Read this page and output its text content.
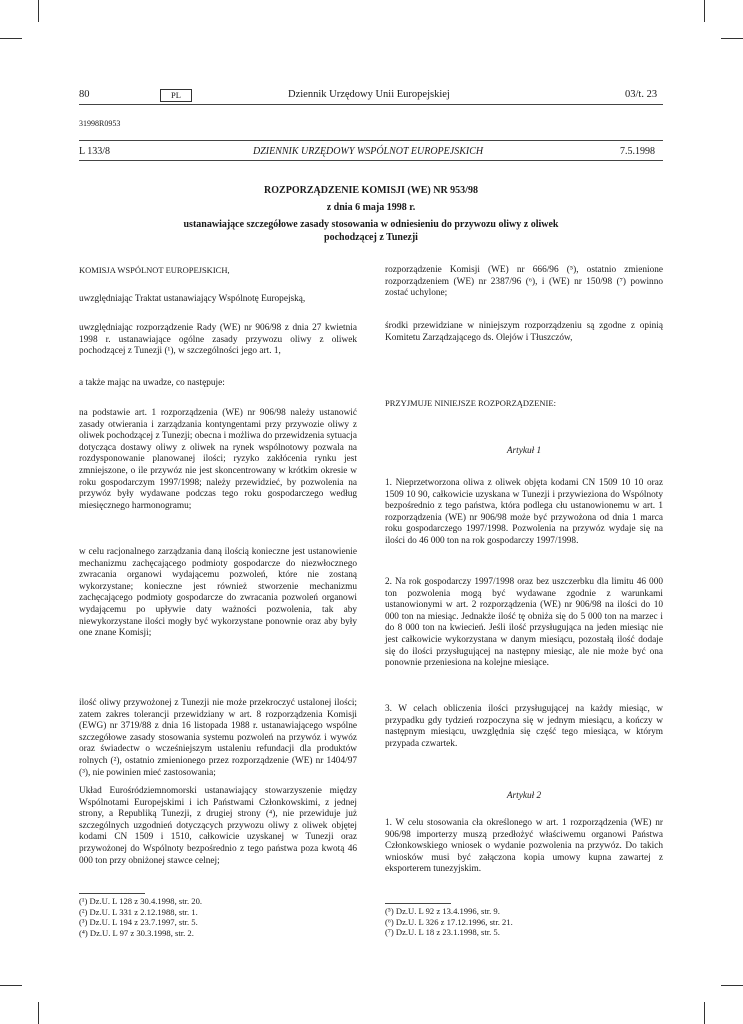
80	PL	Dziennik Urzędowy Unii Europejskiej	03/t. 23
31998R0953
L 133/8	DZIENNIK URZĘDOWY WSPÓLNOT EUROPEJSKICH	7.5.1998
ROZPORZĄDZENIE KOMISJI (WE) NR 953/98
z dnia 6 maja 1998 r.
ustanawiające szczegółowe zasady stosowania w odniesieniu do przywozu oliwy z oliwek
pochodzącej z Tunezji

KOMISJA WSPÓLNOT EUROPEJSKICH,

uwzględniając Traktat ustanawiający Wspólnotę Europejską,

uwzględniając rozporządzenie Rady (WE) nr 906/98 z dnia 27 kwietnia 1998 r. ustanawiające ogólne zasady przywozu oliwy z oliwek pochodzącej z Tunezji (¹), w szczególności jego art. 1,

a także mając na uwadze, co następuje:

na podstawie art. 1 rozporządzenia (WE) nr 906/98 należy ustanowić zasady otwierania i zarządzania kontyngentami przy przywozie oliwy z oliwek pochodzącej z Tunezji; obecna i możliwa do przewidzenia sytuacja dotycząca dostawy oliwy z oliwek na rynek wspólnotowy pozwala na rozdysponowanie planowanej ilości; ryzyko zakłócenia rynku jest zmniejszone, o ile przywóz nie jest skoncentrowany w krótkim okresie w roku gospodarczym 1997/1998; należy przewidzieć, by pozwolenia na przywóz były wydawane podczas tego roku gospodarczego według miesięcznego harmonogramu;

w celu racjonalnego zarządzania daną ilością konieczne jest ustanowienie mechanizmu zachęcającego podmioty gospodarcze do niezwłocznego zwracania organowi wydającemu pozwoleń, które nie zostaną wykorzystane; konieczne jest również stworzenie mechanizmu zachęcającego podmioty gospodarcze do zwracania pozwoleń organowi wydającemu po upływie daty ważności pozwolenia, tak aby niewykorzystane ilości mogły być wykorzystane ponownie oraz aby były one znane Komisji;

ilość oliwy przywożonej z Tunezji nie może przekroczyć ustalonej ilości; zatem zakres tolerancji przewidziany w art. 8 rozporządzenia Komisji (EWG) nr 3719/88 z dnia 16 listopada 1988 r. ustanawiającego wspólne szczegółowe zasady stosowania systemu pozwoleń na przywóz i wywóz oraz świadectw o wcześniejszym ustaleniu refundacji dla produktów rolnych (²), ostatnio zmienionego przez rozporządzenie (WE) nr 1404/97 (³), nie powinien mieć zastosowania;

Układ Eurośródziemnomorski ustanawiający stowarzyszenie między Wspólnotami Europejskimi i ich Państwami Członkowskimi, z jednej strony, a Republiką Tunezji, z drugiej strony (⁴), nie przewiduje już szczególnych uzgodnień dotyczących przywozu oliwy z oliwek objętej kodami CN 1509 i 1510, całkowicie uzyskanej w Tunezji oraz przywożonej do Wspólnoty bezpośrednio z tego państwa poza kwotą 46 000 ton przy obniżonej stawce celnej;

rozporządzenie Komisji (WE) nr 666/96 (⁵), ostatnio zmienione rozporządzeniem (WE) nr 2387/96 (⁶), i (WE) nr 150/98 (⁷) powinno zostać uchylone;

środki przewidziane w niniejszym rozporządzeniu są zgodne z opinią Komitetu Zarządzającego ds. Olejów i Tłuszczów,

PRZYJMUJE NINIEJSZE ROZPORZĄDZENIE:

Artykuł 1

1. Nieprzetworzona oliwa z oliwek objęta kodami CN 1509 10 10 oraz 1509 10 90, całkowicie uzyskana w Tunezji i przywieziona do Wspólnoty bezpośrednio z tego państwa, która podlega cłu ustanowionemu w art. 1 rozporządzenia (WE) nr 906/98 może być przywożona od dnia 1 marca roku gospodarczego 1997/1998. Pozwolenia na przywóz wydaje się na ilości do 46 000 ton na rok gospodarczy 1997/1998.

2. Na rok gospodarczy 1997/1998 oraz bez uszczerbku dla limitu 46 000 ton pozwolenia mogą być wydawane zgodnie z warunkami ustanowionymi w art. 2 rozporządzenia (WE) nr 906/98 na ilości do 10 000 ton na miesiąc. Jednakże ilość tę obniża się do 5 000 ton na marzec i do 8 000 ton na kwiecień. Jeśli ilość przysługująca na jeden miesiąc nie jest całkowicie wykorzystana w danym miesiącu, pozostałą ilość dodaje się do ilości przysługującej na następny miesiąc, ale nie może być ona ponownie przeniesiona na kolejne miesiące.

3. W celach obliczenia ilości przysługującej na każdy miesiąc, w przypadku gdy tydzień rozpoczyna się w jednym miesiącu, a kończy w następnym miesiącu, uwzględnia się część tego miesiąca, w którym przypada czwartek.

Artykuł 2

1. W celu stosowania cła określonego w art. 1 rozporządzenia (WE) nr 906/98 importerzy muszą przedłożyć właściwemu organowi Państwa Członkowskiego wniosek o wydanie pozwolenia na przywóz. Do takich wniosków musi być załączona kopia umowy kupna zawartej z eksporterem tunezyjskim.

(¹) Dz.U. L 128 z 30.4.1998, str. 20.
(²) Dz.U. L 331 z 2.12.1988, str. 1.
(³) Dz.U. L 194 z 23.7.1997, str. 5.
(⁴) Dz.U. L 97 z 30.3.1998, str. 2.
(⁵) Dz.U. L 92 z 13.4.1996, str. 9.
(⁶) Dz.U. L 326 z 17.12.1996, str. 21.
(⁷) Dz.U. L 18 z 23.1.1998, str. 5.
